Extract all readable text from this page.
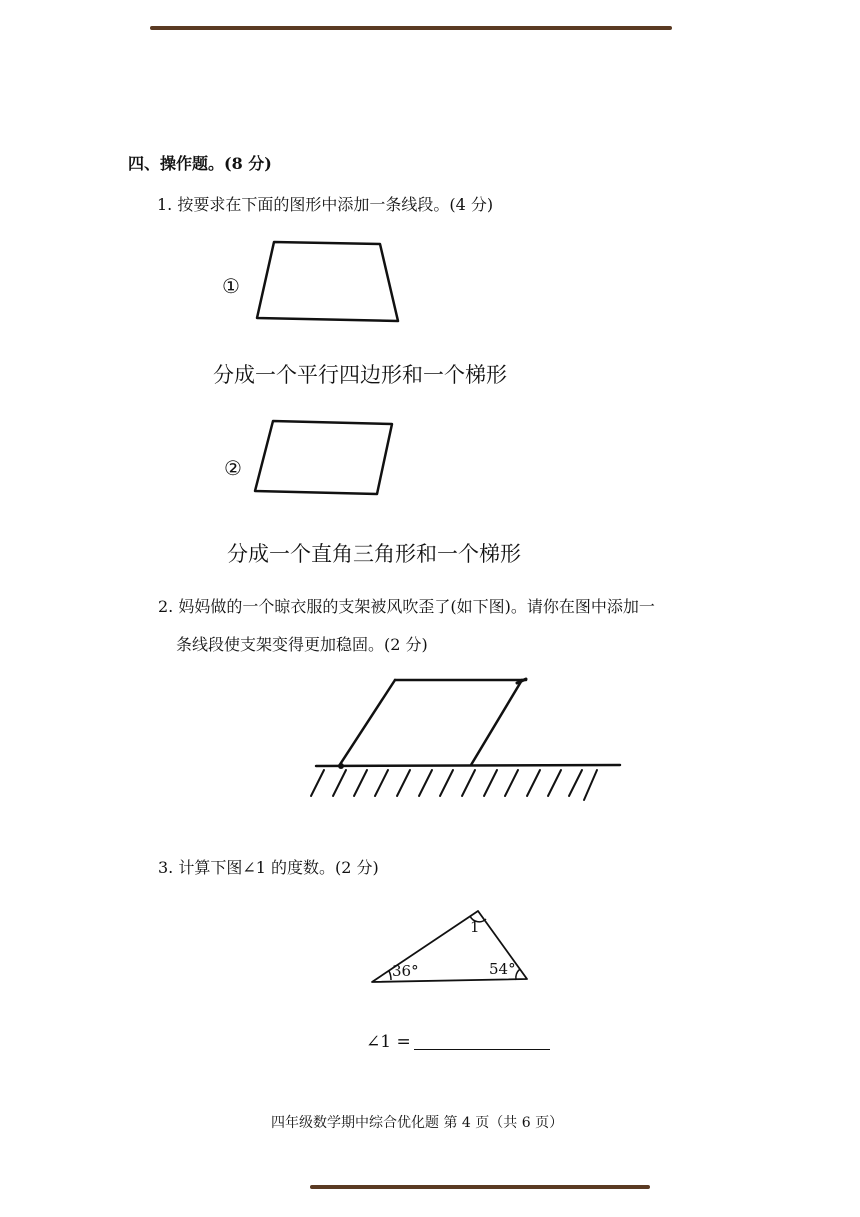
四、操作题。(8 分)
1. 按要求在下面的图形中添加一条线段。(4 分)
①
分成一个平行四边形和一个梯形
②
分成一个直角三角形和一个梯形
2. 妈妈做的一个晾衣服的支架被风吹歪了(如下图)。请你在图中添加一
条线段使支架变得更加稳固。(2 分)
3. 计算下图∠1 的度数。(2 分)
36°	54°
1
∠1 =
四年级数学期中综合优化题 第 4 页（共 6 页）
